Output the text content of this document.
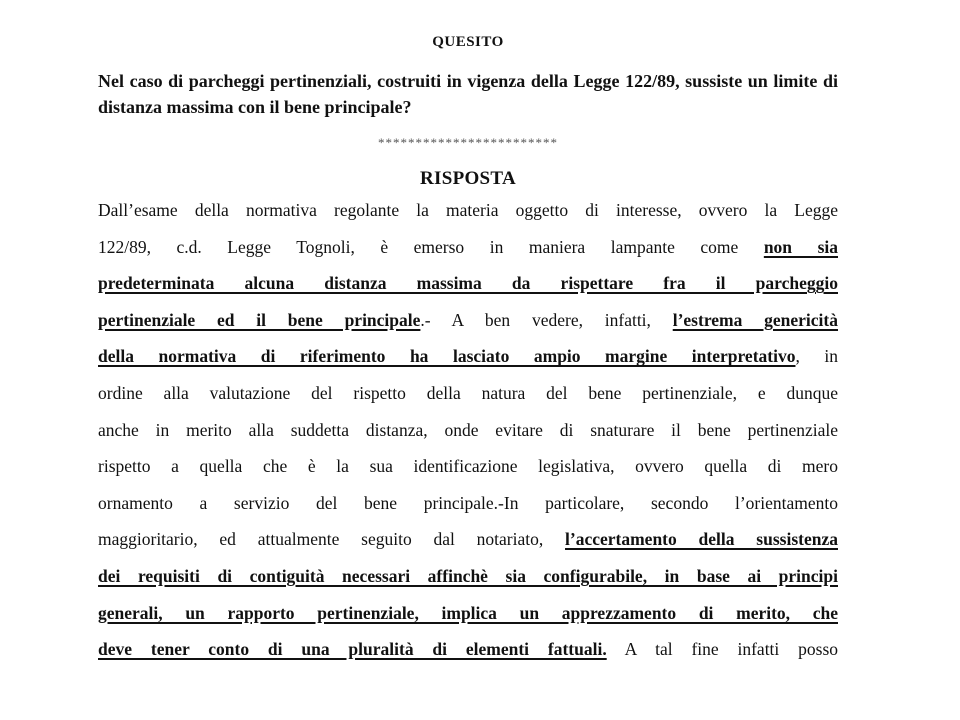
QUESITO

Nel caso di parcheggi pertinenziali, costruiti in vigenza della Legge 122/89, sussiste un limite di distanza massima con il bene principale?

************************
RISPOSTA
Dall’esame della normativa regolante la materia oggetto di interesse, ovvero la Legge
122/89, c.d. Legge Tognoli, è emerso in maniera lampante come non sia
predeterminata alcuna distanza massima da rispettare fra il parcheggio
pertinenziale ed il bene principale.- A ben vedere, infatti, l’estrema genericità
della normativa di riferimento ha lasciato ampio margine interpretativo, in
ordine alla valutazione del rispetto della natura del bene pertinenziale, e dunque
anche in merito alla suddetta distanza, onde evitare di snaturare il bene pertinenziale
rispetto a quella che è la sua identificazione legislativa, ovvero quella di mero
ornamento a servizio del bene principale.-In particolare, secondo l’orientamento
maggioritario, ed attualmente seguito dal notariato, l’accertamento della sussistenza
dei requisiti di contiguità necessari affinchè sia configurabile, in base ai principi
generali, un rapporto pertinenziale, implica un apprezzamento di merito, che
deve tener conto di una pluralità di elementi fattuali. A tal fine infatti posso
